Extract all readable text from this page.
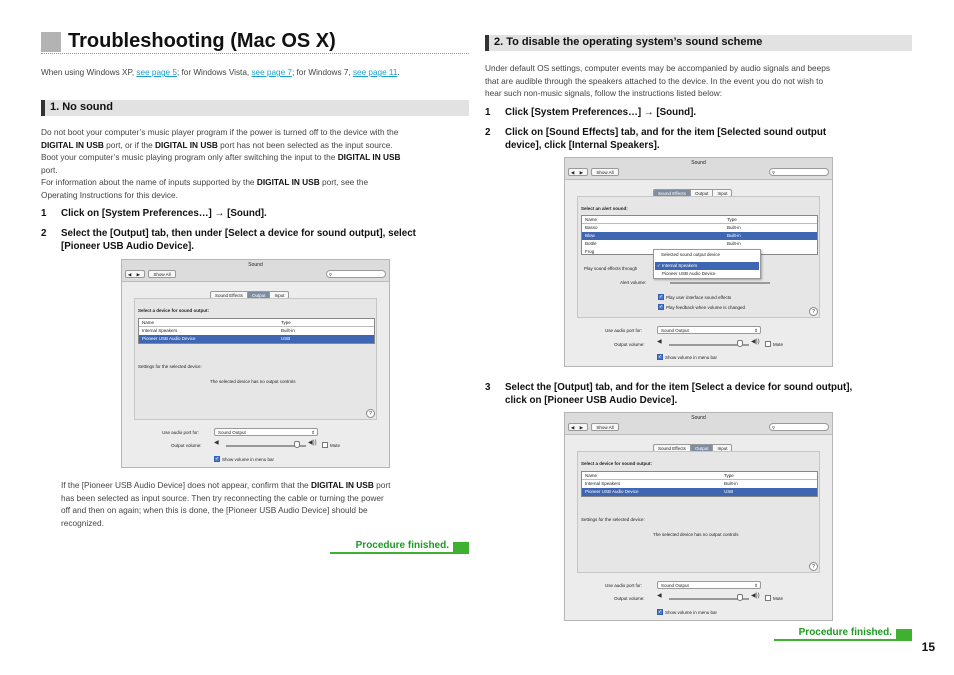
Troubleshooting (Mac OS X)
When using Windows XP, see page 5; for Windows Vista, see page 7; for Windows 7, see page 11.
1. No sound
Do not boot your computer’s music player program if the power is turned off to the device with the
DIGITAL IN USB port, or if the DIGITAL IN USB port has not been selected as the input source.
Boot your computer’s music playing program only after switching the input to the DIGITAL IN USB
port.
For information about the name of inputs supported by the DIGITAL IN USB port, see the
Operating Instructions for this device.
1 Click on [System Preferences…] → [Sound].
2 Select the [Output] tab, then under [Select a device for sound output], select
[Pioneer USB Audio Device].
Sound
◀ ▶	Show All	⚲
Sound Effects	Output	Input
Select a device for sound output:
Name	Type
Internal Speakers	Built-in
Pioneer USB Audio Device	USB
Settings for the selected device:
The selected device has no output controls
?
Use audio port for:	Sound Output	⇕
Output volume: ◀	◀))	Mute
✓ Show volume in menu bar
If the [Pioneer USB Audio Device] does not appear, confirm that the DIGITAL IN USB port
has been selected as input source. Then try reconnecting the cable or turning the power
off and then on again; when this is done, the [Pioneer USB Audio Device] should be
recognized.
Procedure finished.
2. To disable the operating system’s sound scheme
Under default OS settings, computer events may be accompanied by audio signals and beeps
that are audible through the speakers attached to the device. In the event you do not wish to
hear such non-music signals, follow the instructions listed below:
1 Click [System Preferences…] → [Sound].
2 Click on [Sound Effects] tab, and for the item [Selected sound output
device], click [Internal Speakers].
Sound
◀ ▶	Show All	⚲
Sound Effects	Output	Input
Select an alert sound:
Name	Type
Basso	Built-in
Blow	Built-in
Bottle	Built-in
Frog
Play sound effects through
Alert volume:
✓ Play user interface sound effects
✓ Play feedback when volume is changed
?
Selected sound output device
✓ Internal Speakers
Pioneer USB Audio Device
Use audio port for:	Sound Output	⇕
Output volume: ◀	◀))	Mute
✓ Show volume in menu bar
3 Select the [Output] tab, and for the item [Select a device for sound output],
click on [Pioneer USB Audio Device].
Sound
◀ ▶	Show All	⚲
Sound Effects	Output	Input
Select a device for sound output:
Name	Type
Internal Speakers	Built-in
Pioneer USB Audio Device	USB
Settings for the selected device:
The selected device has no output controls
?
Use audio port for:	Sound Output	⇕
Output volume: ◀	◀))	Mute
✓ Show volume in menu bar
Procedure finished.
15
